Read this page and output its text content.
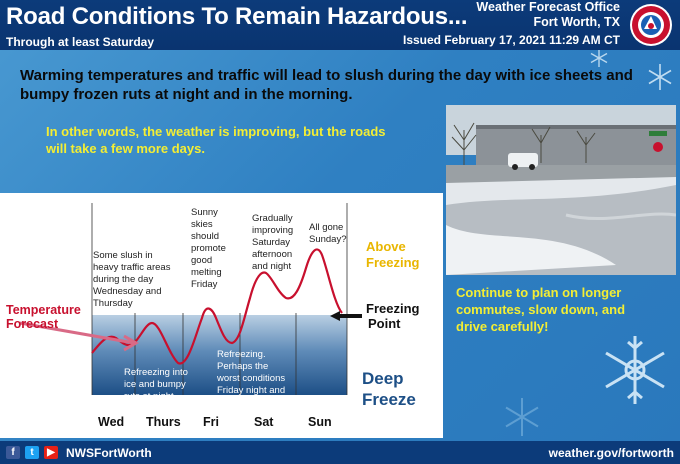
Road Conditions To Remain Hazardous...
Through at least Saturday
Weather Forecast Office
Fort Worth, TX
Issued February 17, 2021 11:29 AM CT
Warming temperatures and traffic will lead to slush during the day with ice sheets and bumpy frozen ruts at night and in the morning.
In other words, the weather is improving, but the roads will take a few more days.
Continue to plan on longer commutes, slow down, and drive carefully!
Some slush in
heavy traffic areas
during the day
Wednesday and
Thursday
Sunny
skies
should
promote
good
melting
Friday
Gradually
improving
Saturday
afternoon
and night
All gone
Sunday?
Refreezing into
ice and bumpy
ruts at night
Refreezing.
Perhaps the
worst conditions
Friday night and
Sat morning
Temperature
Forecast
Above
Freezing
Freezing
Point
Deep
Freeze
Wed Thurs Fri	Sat	Sun
f	t	▶ NWSFortWorth	weather.gov/fortworth
